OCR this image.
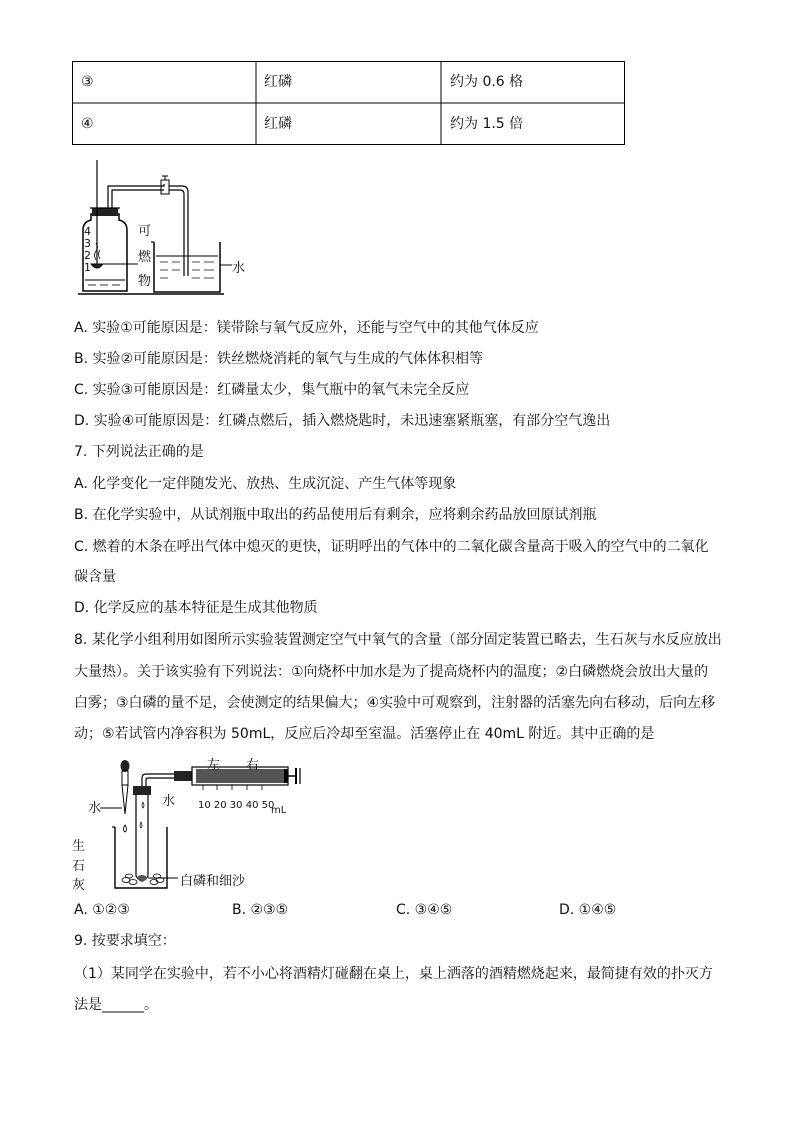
③	红磷	约为 0.6 格
④	红磷	约为 1.5 倍
4
3
2
1
可
燃
物
水
A. 实验①可能原因是：镁带除与氧气反应外，还能与空气中的其他气体反应
B. 实验②可能原因是：铁丝燃烧消耗的氧气与生成的气体体积相等
C. 实验③可能原因是：红磷量太少，集气瓶中的氧气未完全反应
D. 实验④可能原因是：红磷点燃后，插入燃烧匙时，未迅速塞紧瓶塞，有部分空气逸出
7. 下列说法正确的是
A. 化学变化一定伴随发光、放热、生成沉淀、产生气体等现象
B. 在化学实验中，从试剂瓶中取出的药品使用后有剩余，应将剩余药品放回原试剂瓶
C. 燃着的木条在呼出气体中熄灭的更快，证明呼出的气体中的二氧化碳含量高于吸入的空气中的二氧化
碳含量
D. 化学反应的基本特征是生成其他物质
8. 某化学小组利用如图所示实验装置测定空气中氧气的含量（部分固定装置已略去，生石灰与水反应放出
大量热）。关于该实验有下列说法：①向烧杯中加水是为了提高烧杯内的温度；②白磷燃烧会放出大量的
白雾；③白磷的量不足，会使测定的结果偏大；④实验中可观察到，注射器的活塞先向右移动，后向左移
动；⑤若试管内净容积为 50mL，反应后冷却至室温。活塞停止在 40mL 附近。其中正确的是
左 右
水	水 10 20 30 40 50
mL
生
石
灰	白磷和细沙
A. ①②③	B. ②③⑤	C. ③④⑤	D. ①④⑤
9. 按要求填空：
（1）某同学在实验中，若不小心将酒精灯碰翻在桌上，桌上洒落的酒精燃烧起来，最简捷有效的扑灭方
法是______。
